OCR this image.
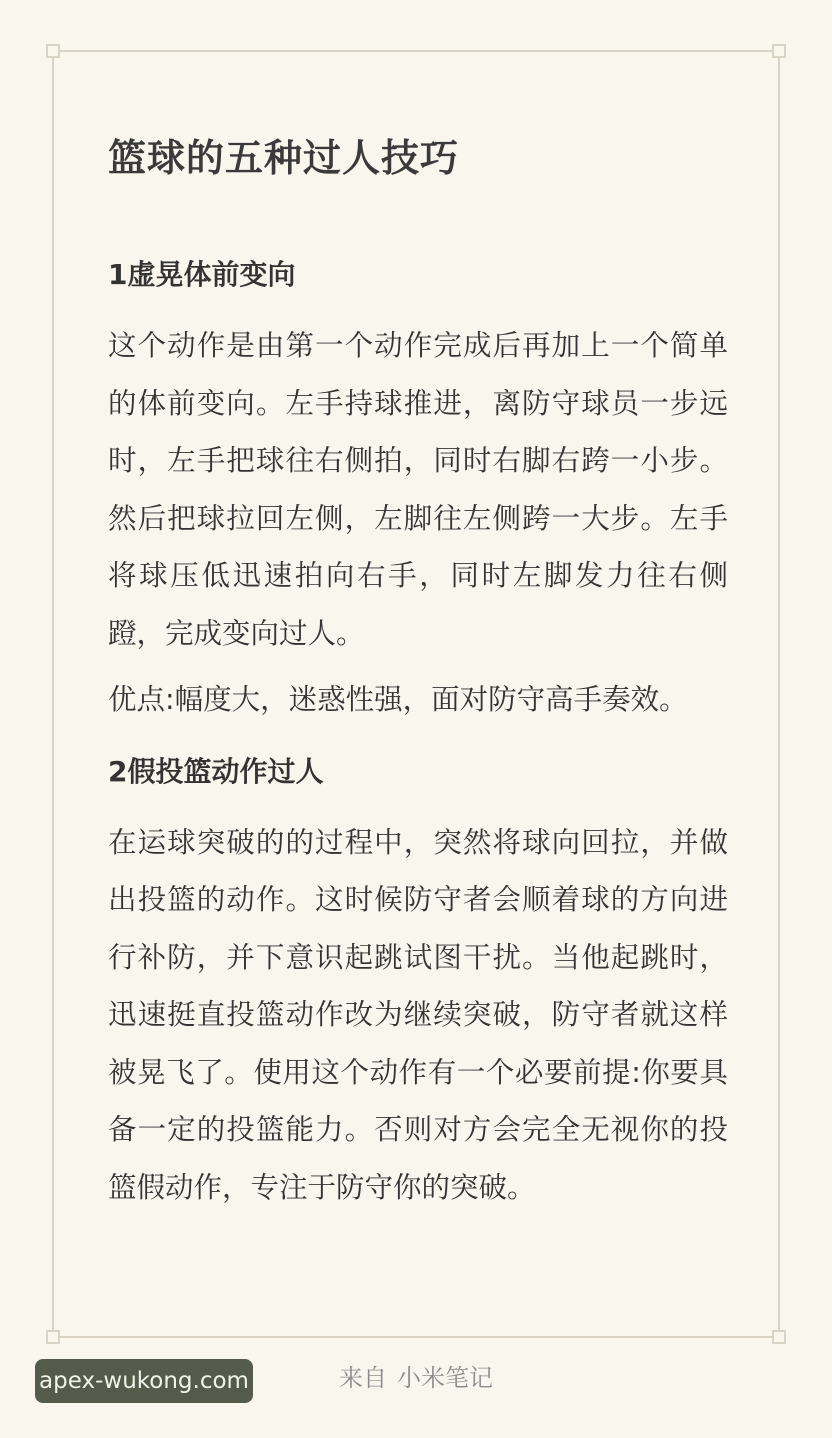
篮球的五种过人技巧
1虚晃体前变向

这个动作是由第一个动作完成后再加上一个简单的体前变向。左手持球推进，离防守球员一步远时，左手把球往右侧拍，同时右脚右跨一小步。然后把球拉回左侧，左脚往左侧跨一大步。左手将球压低迅速拍向右手，同时左脚发力往右侧蹬，完成变向过人。

优点:幅度大，迷惑性强，面对防守高手奏效。

2假投篮动作过人

在运球突破的的过程中，突然将球向回拉，并做出投篮的动作。这时候防守者会顺着球的方向进行补防，并下意识起跳试图干扰。当他起跳时，迅速挺直投篮动作改为继续突破，防守者就这样被晃飞了。使用这个动作有一个必要前提:你要具备一定的投篮能力。否则对方会完全无视你的投篮假动作，专注于防守你的突破。

来自 小米笔记
apex-wukong.com
